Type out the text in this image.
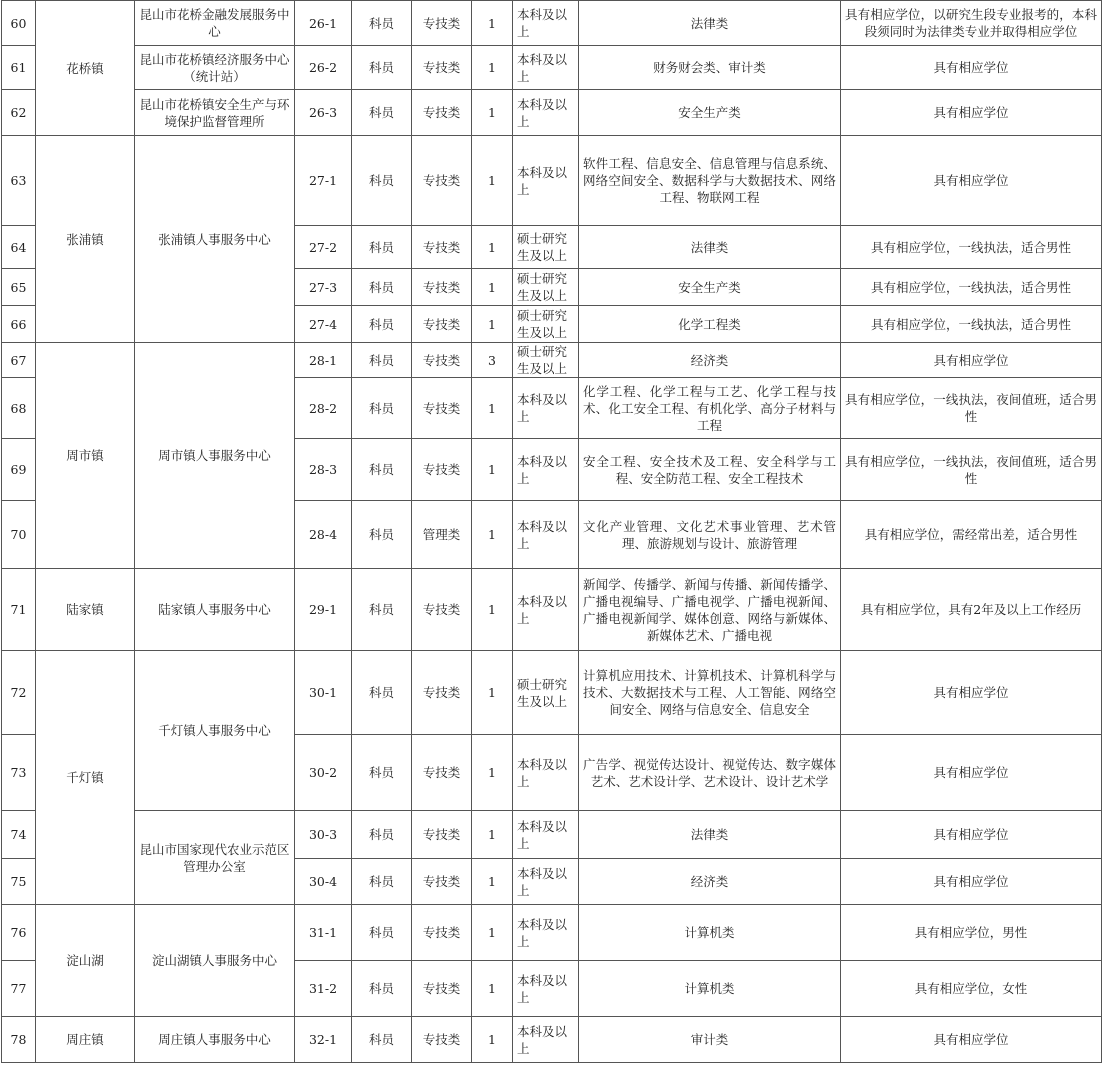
60	花桥镇	昆山市花桥金融发展服务中心	26-1	科员	专技类	1	本科及以上	法律类	具有相应学位，以研究生段专业报考的，本科段须同时为法律类专业并取得相应学位
61		昆山市花桥镇经济服务中心（统计站）	26-2	科员	专技类	1	本科及以上	财务财会类、审计类	具有相应学位
62		昆山市花桥镇安全生产与环境保护监督管理所	26-3	科员	专技类	1	本科及以上	安全生产类	具有相应学位
63	张浦镇	张浦镇人事服务中心	27-1	科员	专技类	1	本科及以上	软件工程、信息安全、信息管理与信息系统、网络空间安全、数据科学与大数据技术、网络工程、物联网工程	具有相应学位
64			27-2	科员	专技类	1	硕士研究生及以上	法律类	具有相应学位，一线执法，适合男性
65			27-3	科员	专技类	1	硕士研究生及以上	安全生产类	具有相应学位，一线执法，适合男性
66			27-4	科员	专技类	1	硕士研究生及以上	化学工程类	具有相应学位，一线执法，适合男性
67	周市镇	周市镇人事服务中心	28-1	科员	专技类	3	硕士研究生及以上	经济类	具有相应学位
68			28-2	科员	专技类	1	本科及以上	化学工程、化学工程与工艺、化学工程与技术、化工安全工程、有机化学、高分子材料与工程	具有相应学位，一线执法，夜间值班，适合男性
69			28-3	科员	专技类	1	本科及以上	安全工程、安全技术及工程、安全科学与工程、安全防范工程、安全工程技术	具有相应学位，一线执法，夜间值班，适合男性
70			28-4	科员	管理类	1	本科及以上	文化产业管理、文化艺术事业管理、艺术管理、旅游规划与设计、旅游管理	具有相应学位，需经常出差，适合男性
71	陆家镇	陆家镇人事服务中心	29-1	科员	专技类	1	本科及以上	新闻学、传播学、新闻与传播、新闻传播学、广播电视编导、广播电视学、广播电视新闻、广播电视新闻学、媒体创意、网络与新媒体、新媒体艺术、广播电视	具有相应学位，具有2年及以上工作经历
72	千灯镇	千灯镇人事服务中心	30-1	科员	专技类	1	硕士研究生及以上	计算机应用技术、计算机技术、计算机科学与技术、大数据技术与工程、人工智能、网络空间安全、网络与信息安全、信息安全	具有相应学位
73			30-2	科员	专技类	1	本科及以上	广告学、视觉传达设计、视觉传达、数字媒体艺术、艺术设计学、艺术设计、设计艺术学	具有相应学位
74		昆山市国家现代农业示范区管理办公室	30-3	科员	专技类	1	本科及以上	法律类	具有相应学位
75			30-4	科员	专技类	1	本科及以上	经济类	具有相应学位
76	淀山湖	淀山湖镇人事服务中心	31-1	科员	专技类	1	本科及以上	计算机类	具有相应学位，男性
77			31-2	科员	专技类	1	本科及以上	计算机类	具有相应学位，女性
78	周庄镇	周庄镇人事服务中心	32-1	科员	专技类	1	本科及以上	审计类	具有相应学位
